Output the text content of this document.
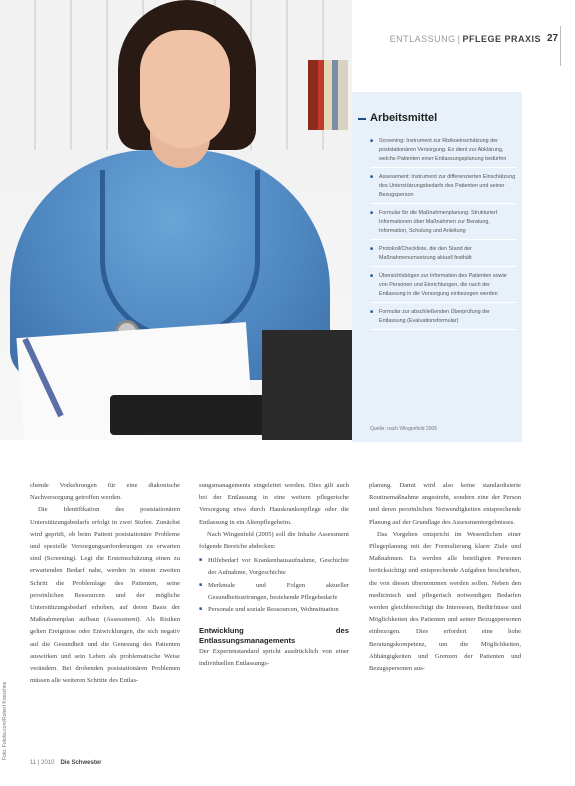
Foto: Fotolia.com/Robert Kneschke
ENTLASSUNG | PFLEGE PRAXIS 27
Arbeitsmittel
■ Screening: Instrument zur Risikoeinschätzung der poststationären Versorgung. Es dient zur Abklärung, welche Patienten einer Entlassungsplanung bedürfen
■ Assessment: Instrument zur differenzierten Einschätzung des Unterstützungsbedarfs des Patienten und seiner Bezugsperson
■ Formular für die Maßnahmenplanung: Strukturiert Informationen über Maßnahmen zur Beratung, Information, Schulung und Anleitung
■ Protokoll/Checkliste, die den Stand der Maßnahmenumsetzung aktuell festhält
■ Übersichtsbögen zur Information des Patienten sowie von Personen und Einrichtungen, die nach der Entlassung in die Versorgung einbezogen werden
■ Formular zur abschließenden Überprüfung der Entlassung (Evaluationsformular)
Quelle: nach Wingenfeld 2005

chende Vorkehrungen für eine diakonische Nachversorgung getroffen werden.

Die Identifikation des poststationären Unterstützungsbedarfs erfolgt in zwei Stufen. Zunächst wird geprüft, ob beim Patient poststationäre Probleme und spezielle Versorgungsanforderungen zu erwarten sind (Screening). Legt die Ersteinschätzung einen zu erwartenden Bedarf nahe, werden in einem zweiten Schritt die Problemlage des Patienten, seine persönlichen Ressourcen und der mögliche Unterstützungsbedarf erhoben, auf deren Basis der Maßnahmenplan aufbaut (Assessment). Als Risiken gelten Ereignisse oder Entwicklungen, die sich negativ auf die Gesundheit und die Genesung des Patienten auswirken und sein Leben als problematische Weise verändern. Bei drohenden poststationären Problemen müssen alle weiteren Schritte des Entlas-

sungsmanagements eingeleitet werden. Dies gilt auch bei der Entlassung in eine weitere pflegerische Versorgung etwa durch Hauskrankenpflege oder die Entlassung in ein Altenpflegeheim.

Nach Wingenfeld (2005) soll die Inhalte Assessment folgende Bereiche abdecken:

■ Hilfebedarf vor Krankenhausaufnahme, Geschichte der Aufnahme, Vorgeschichte
■ Merkmale und Folgen aktueller Gesundheitsstörungen, bestehende Pflegebedarfe
■ Personale und soziale Ressourcen, Wohnsituation
Entwicklung des Entlassungsmanagements

Der Expertenstandard spricht ausdrücklich von einer individuellen Entlassungs-

planung. Damit wird also keine standardisierte Routinemaßnahme angestrebt, sondern eine der Person und deren persönlichen Notwendigkeiten entsprechende Planung auf der Grundlage des Assessmentergebnisses.

Das Vorgehen entspricht im Wesentlichen einer Pflegeplanung mit der Formulierung klarer Ziele und Maßnahmen. Es werden alle beteiligten Personen berücksichtigt und entsprechende Aufgaben beschrieben, die von diesen übernommen werden sollen. Neben den medizinisch und pflegerisch notwendigen Bedarfen werden gleichberechtigt die Interessen, Bedürfnisse und Möglichkeiten des Patienten und seiner Bezugspersonen einbezogen. Dies erfordert eine hohe Beratungskompetenz, um die Möglichkeiten, Abhängigkeiten und Grenzen der Patienten und Bezugspersonen aus-

11 | 2010 Die Schwester
